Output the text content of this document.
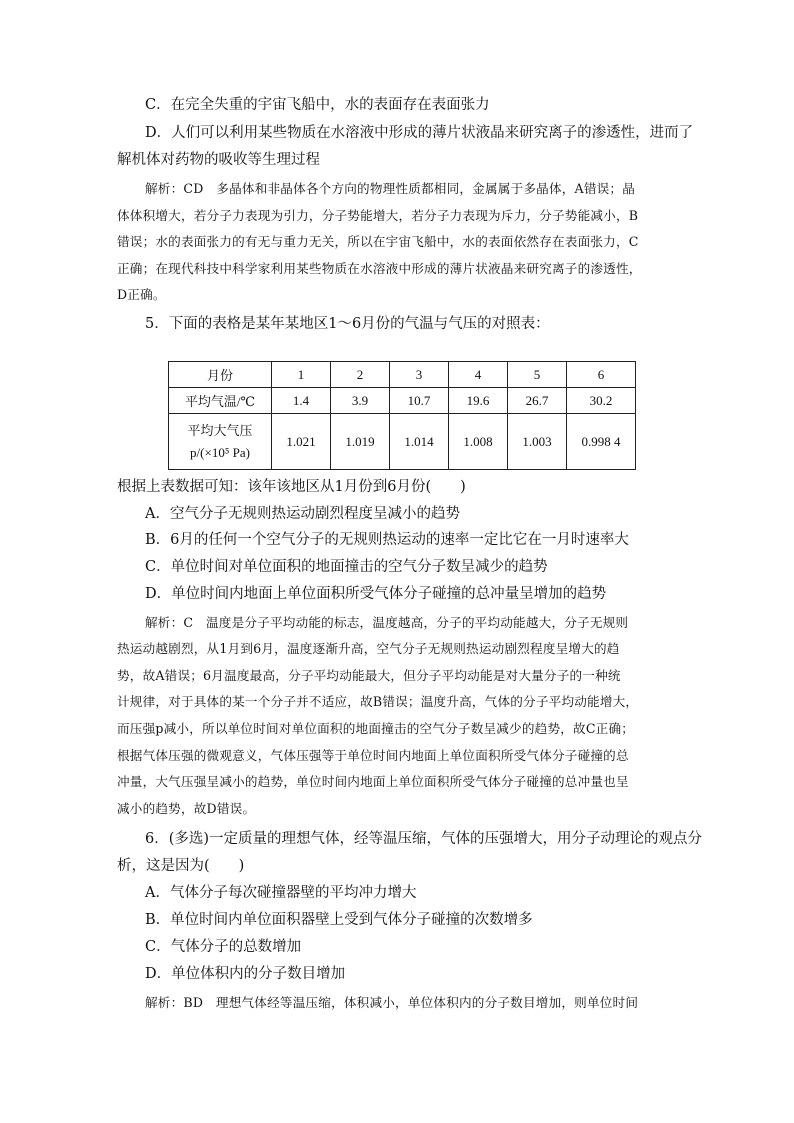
C．在完全失重的宇宙飞船中，水的表面存在表面张力
D．人们可以利用某些物质在水溶液中形成的薄片状液晶来研究离子的渗透性，进而了
解机体对药物的吸收等生理过程
解析：CD　多晶体和非晶体各个方向的物理性质都相同，金属属于多晶体，A错误；晶
体体积增大，若分子力表现为引力，分子势能增大，若分子力表现为斥力，分子势能减小，B
错误；水的表面张力的有无与重力无关，所以在宇宙飞船中，水的表面依然存在表面张力，C
正确；在现代科技中科学家利用某些物质在水溶液中形成的薄片状液晶来研究离子的渗透性，
D正确。
5．下面的表格是某年某地区1～6月份的气温与气压的对照表：
月份	1	2	3	4	5	6
平均气温/℃	1.4	3.9	10.7	19.6	26.7	30.2

平均大气压
p/(×10⁵ Pa)	1.021	1.019	1.014	1.008	1.003	0.998 4
根据上表数据可知：该年该地区从1月份到6月份(　　)
A．空气分子无规则热运动剧烈程度呈减小的趋势
B．6月的任何一个空气分子的无规则热运动的速率一定比它在一月时速率大
C．单位时间对单位面积的地面撞击的空气分子数呈减少的趋势
D．单位时间内地面上单位面积所受气体分子碰撞的总冲量呈增加的趋势
解析：C　温度是分子平均动能的标志，温度越高，分子的平均动能越大，分子无规则
热运动越剧烈，从1月到6月，温度逐渐升高，空气分子无规则热运动剧烈程度呈增大的趋
势，故A错误；6月温度最高，分子平均动能最大，但分子平均动能是对大量分子的一种统
计规律，对于具体的某一个分子并不适应，故B错误；温度升高，气体的分子平均动能增大，
而压强p减小，所以单位时间对单位面积的地面撞击的空气分子数呈减少的趋势，故C正确；
根据气体压强的微观意义，气体压强等于单位时间内地面上单位面积所受气体分子碰撞的总
冲量，大气压强呈减小的趋势，单位时间内地面上单位面积所受气体分子碰撞的总冲量也呈
减小的趋势，故D错误。
6．(多选)一定质量的理想气体，经等温压缩，气体的压强增大，用分子动理论的观点分
析，这是因为(　　)
A．气体分子每次碰撞器壁的平均冲力增大
B．单位时间内单位面积器壁上受到气体分子碰撞的次数增多
C．气体分子的总数增加
D．单位体积内的分子数目增加
解析：BD　理想气体经等温压缩，体积减小，单位体积内的分子数目增加，则单位时间
